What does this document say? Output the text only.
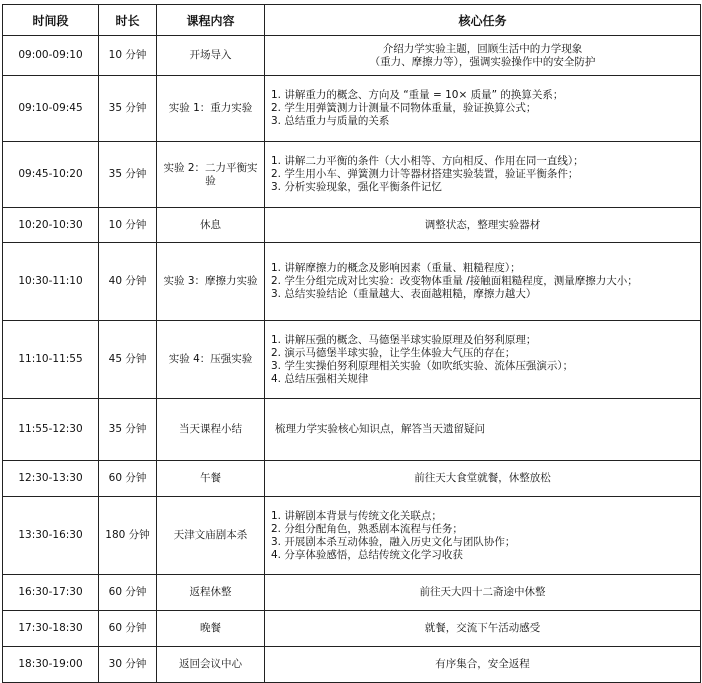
时间段	时长	课程内容	核心任务
09:00-09:10	10 分钟	开场导入	介绍力学实验主题，回顾生活中的力学现象
（重力、摩擦力等），强调实验操作中的安全防护

09:10-09:45	35 分钟	实验 1：重力实验	1. 讲解重力的概念、方向及 “重量 = 10× 质量” 的换算关系；
2. 学生用弹簧测力计测量不同物体重量，验证换算公式；
3. 总结重力与质量的关系

09:45-10:20	35 分钟	实验 2：二力平衡实验	1. 讲解二力平衡的条件（大小相等、方向相反、作用在同一直线）；
2. 学生用小车、弹簧测力计等器材搭建实验装置，验证平衡条件；
3. 分析实验现象，强化平衡条件记忆

10:20-10:30	10 分钟	休息	调整状态，整理实验器材

10:30-11:10	40 分钟	实验 3：摩擦力实验	1. 讲解摩擦力的概念及影响因素（重量、粗糙程度）；
2. 学生分组完成对比实验：改变物体重量 /接触面粗糙程度，测量摩擦力大小；
3. 总结实验结论（重量越大、表面越粗糙，摩擦力越大）

11:10-11:55	45 分钟	实验 4：压强实验	1. 讲解压强的概念、马德堡半球实验原理及伯努利原理；
2. 演示马德堡半球实验，让学生体验大气压的存在；
3. 学生实操伯努利原理相关实验（如吹纸实验、流体压强演示）；
4. 总结压强相关规律

11:55-12:30	35 分钟	当天课程小结	梳理力学实验核心知识点，解答当天遗留疑问

12:30-13:30	60 分钟	午餐	前往天大食堂就餐，休整放松

13:30-16:30	180 分钟	天津文庙剧本杀	1. 讲解剧本背景与传统文化关联点；
2. 分组分配角色，熟悉剧本流程与任务；
3. 开展剧本杀互动体验，融入历史文化与团队协作；
4. 分享体验感悟，总结传统文化学习收获

16:30-17:30	60 分钟	返程休整	前往天大四十二斋途中休整

17:30-18:30	60 分钟	晚餐	就餐，交流下午活动感受

18:30-19:00	30 分钟	返回会议中心	有序集合，安全返程
